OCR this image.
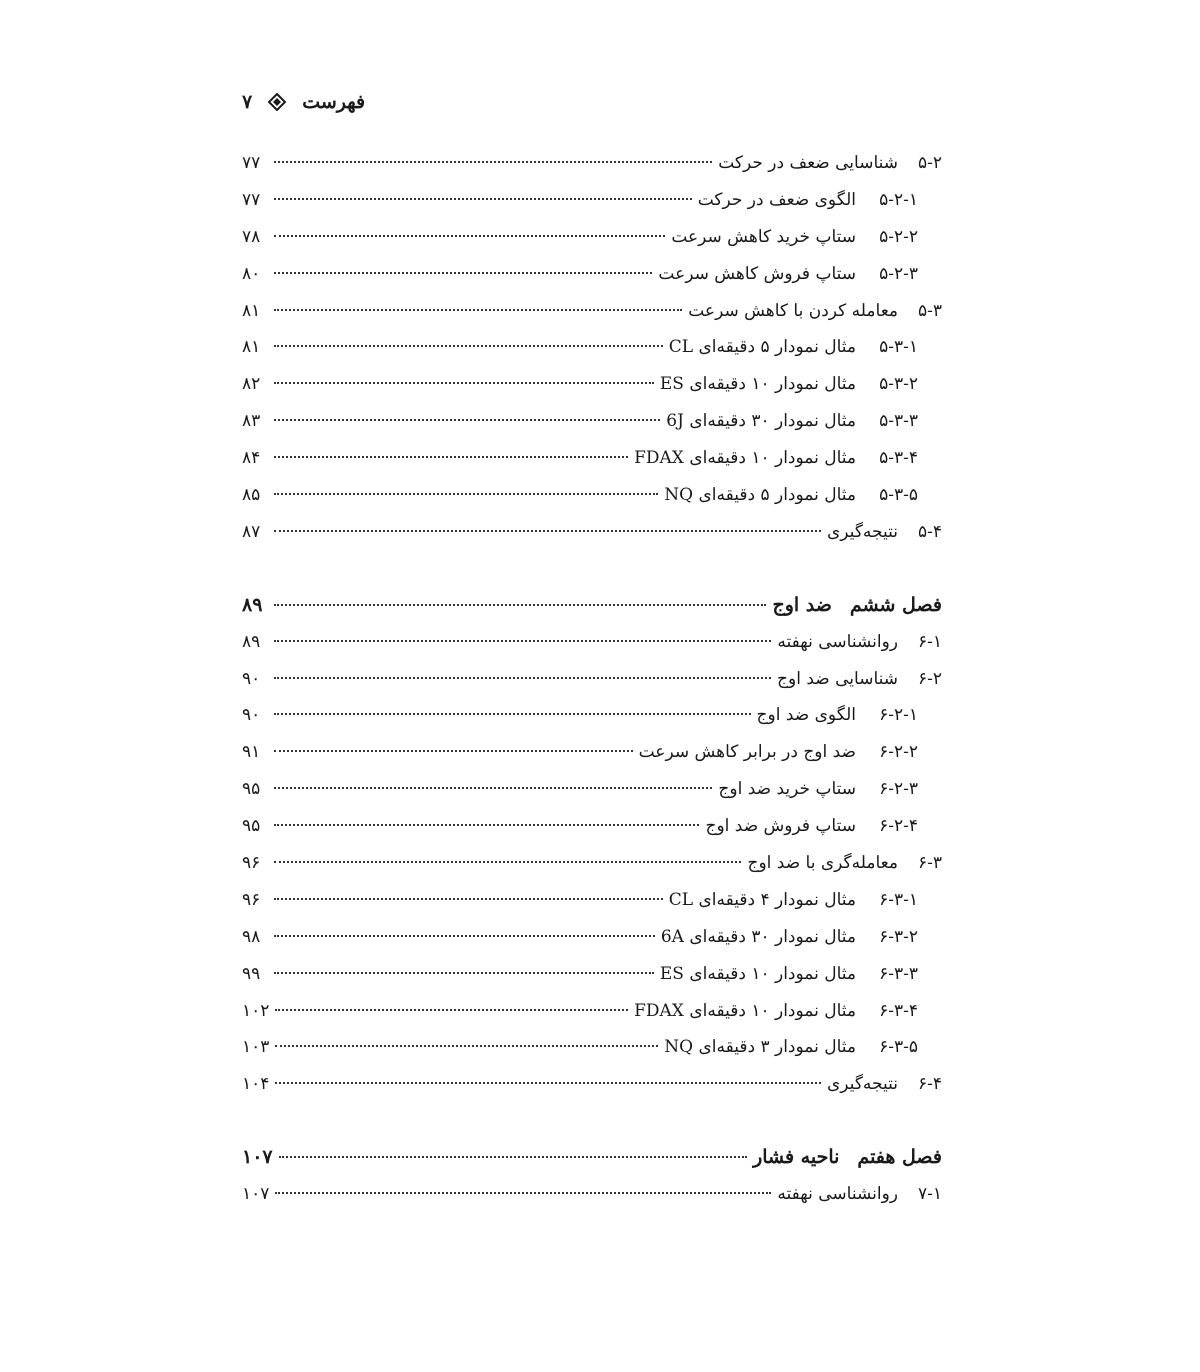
۷	فهرست
۵-۲
شناسایی ضعف در حرکت
۷۷
۵-۲-۱
الگوی ضعف در حرکت
۷۷
۵-۲-۲
ستاپ خرید کاهش سرعت
۷۸
۵-۲-۳
ستاپ فروش کاهش سرعت
۸۰
۵-۳
معامله کردن با کاهش سرعت
۸۱
۵-۳-۱
مثال نمودار ۵ دقیقه‌ای CL
۸۱
۵-۳-۲
مثال نمودار ۱۰ دقیقه‌ای ES
۸۲
۵-۳-۳
مثال نمودار ۳۰ دقیقه‌ای 6J
۸۳
۵-۳-۴
مثال نمودار ۱۰ دقیقه‌ای FDAX
۸۴
۵-۳-۵
مثال نمودار ۵ دقیقه‌ای NQ
۸۵
۵-۴
نتیجه‌گیری
۸۷
فصل ششم
ضد اوج
۸۹
۶-۱
روانشناسی نهفته
۸۹
۶-۲
شناسایی ضد اوج
۹۰
۶-۲-۱
الگوی ضد اوج
۹۰
۶-۲-۲
ضد اوج در برابر کاهش سرعت
۹۱
۶-۲-۳
ستاپ خرید ضد اوج
۹۵
۶-۲-۴
ستاپ فروش ضد اوج
۹۵
۶-۳
معامله‌گری با ضد اوج
۹۶
۶-۳-۱
مثال نمودار ۴ دقیقه‌ای CL
۹۶
۶-۳-۲
مثال نمودار ۳۰ دقیقه‌ای 6A
۹۸
۶-۳-۳
مثال نمودار ۱۰ دقیقه‌ای ES
۹۹
۶-۳-۴
مثال نمودار ۱۰ دقیقه‌ای FDAX
۱۰۲
۶-۳-۵
مثال نمودار ۳ دقیقه‌ای NQ
۱۰۳
۶-۴
نتیجه‌گیری
۱۰۴
فصل هفتم
ناحیه فشار
۱۰۷
۷-۱
روانشناسی نهفته
۱۰۷
